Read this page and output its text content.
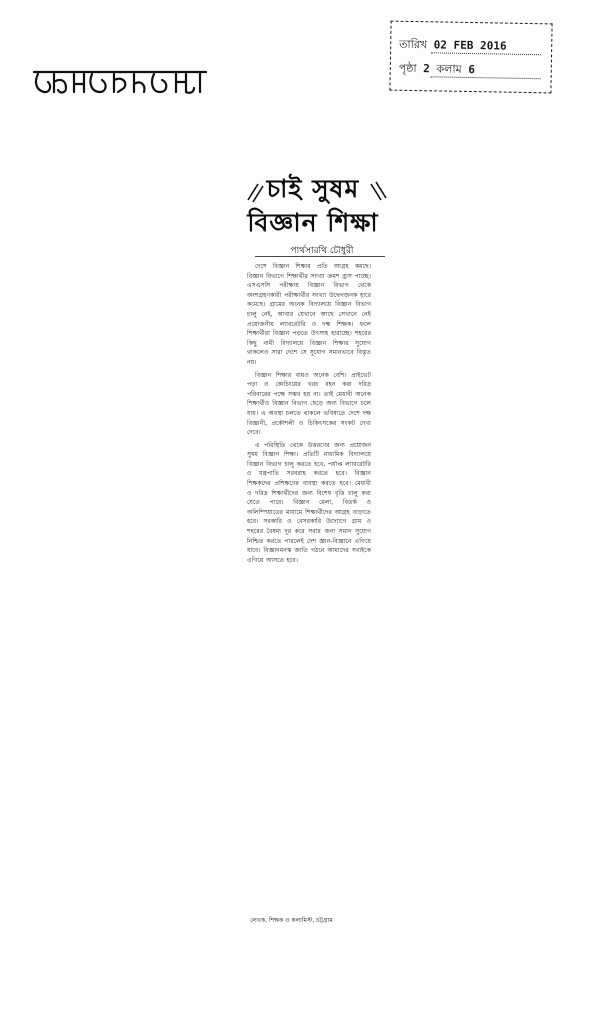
তারিখ 02 FEB 2016
পৃষ্ঠা 2 কলাম 6
চাই সুষম
বিজ্ঞান শিক্ষা
পার্থসারথি চৌধুরী

দেশে বিজ্ঞান শিক্ষার প্রতি আগ্রহ কমছে। বিজ্ঞান বিভাগে শিক্ষার্থীর সংখ্যা ক্রমশ হ্রাস পাচ্ছে। এসএসসি পরীক্ষায় বিজ্ঞান বিভাগ থেকে অংশগ্রহণকারী পরীক্ষার্থীর সংখ্যা উদ্বেগজনক হারে কমেছে। গ্রামের অনেক বিদ্যালয়ে বিজ্ঞান বিভাগ চালু নেই, আবার যেখানে আছে সেখানে নেই প্রয়োজনীয় ল্যাবরেটরি ও দক্ষ শিক্ষক। ফলে শিক্ষার্থীরা বিজ্ঞান পড়তে উৎসাহ হারাচ্ছে। শহরের কিছু নামী বিদ্যালয়ে বিজ্ঞান শিক্ষার সুযোগ থাকলেও সারা দেশে সে সুযোগ সমানভাবে বিস্তৃত নয়।

বিজ্ঞান শিক্ষার ব্যয়ও অনেক বেশি। প্রাইভেট পড়া ও কোচিংয়ের খরচ বহন করা দরিদ্র পরিবারের পক্ষে সম্ভব হয় না। তাই মেধাবী অনেক শিক্ষার্থীও বিজ্ঞান বিভাগ ছেড়ে অন্য বিভাগে চলে যায়। এ অবস্থা চলতে থাকলে ভবিষ্যতে দেশে দক্ষ বিজ্ঞানী, প্রকৌশলী ও চিকিৎসকের সংকট দেখা দেবে।

এ পরিস্থিতি থেকে উত্তরণের জন্য প্রয়োজন সুষম বিজ্ঞান শিক্ষা। প্রতিটি মাধ্যমিক বিদ্যালয়ে বিজ্ঞান বিভাগ চালু করতে হবে, পর্যাপ্ত ল্যাবরেটরি ও যন্ত্রপাতি সরবরাহ করতে হবে। বিজ্ঞান শিক্ষকদের প্রশিক্ষণের ব্যবস্থা করতে হবে। মেধাবী ও দরিদ্র শিক্ষার্থীদের জন্য বিশেষ বৃত্তি চালু করা যেতে পারে। বিজ্ঞান মেলা, বিতর্ক ও অলিম্পিয়াডের মাধ্যমে শিক্ষার্থীদের আগ্রহ বাড়াতে হবে। সরকারি ও বেসরকারি উদ্যোগে গ্রাম ও শহরের বৈষম্য দূর করে সবার জন্য সমান সুযোগ নিশ্চিত করতে পারলেই দেশ জ্ঞান-বিজ্ঞানে এগিয়ে যাবে। বিজ্ঞানমনস্ক জাতি গঠনে আমাদের সবাইকে এগিয়ে আসতে হবে।

লেখক, শিক্ষক ও কলামিস্ট, চট্টগ্রাম
